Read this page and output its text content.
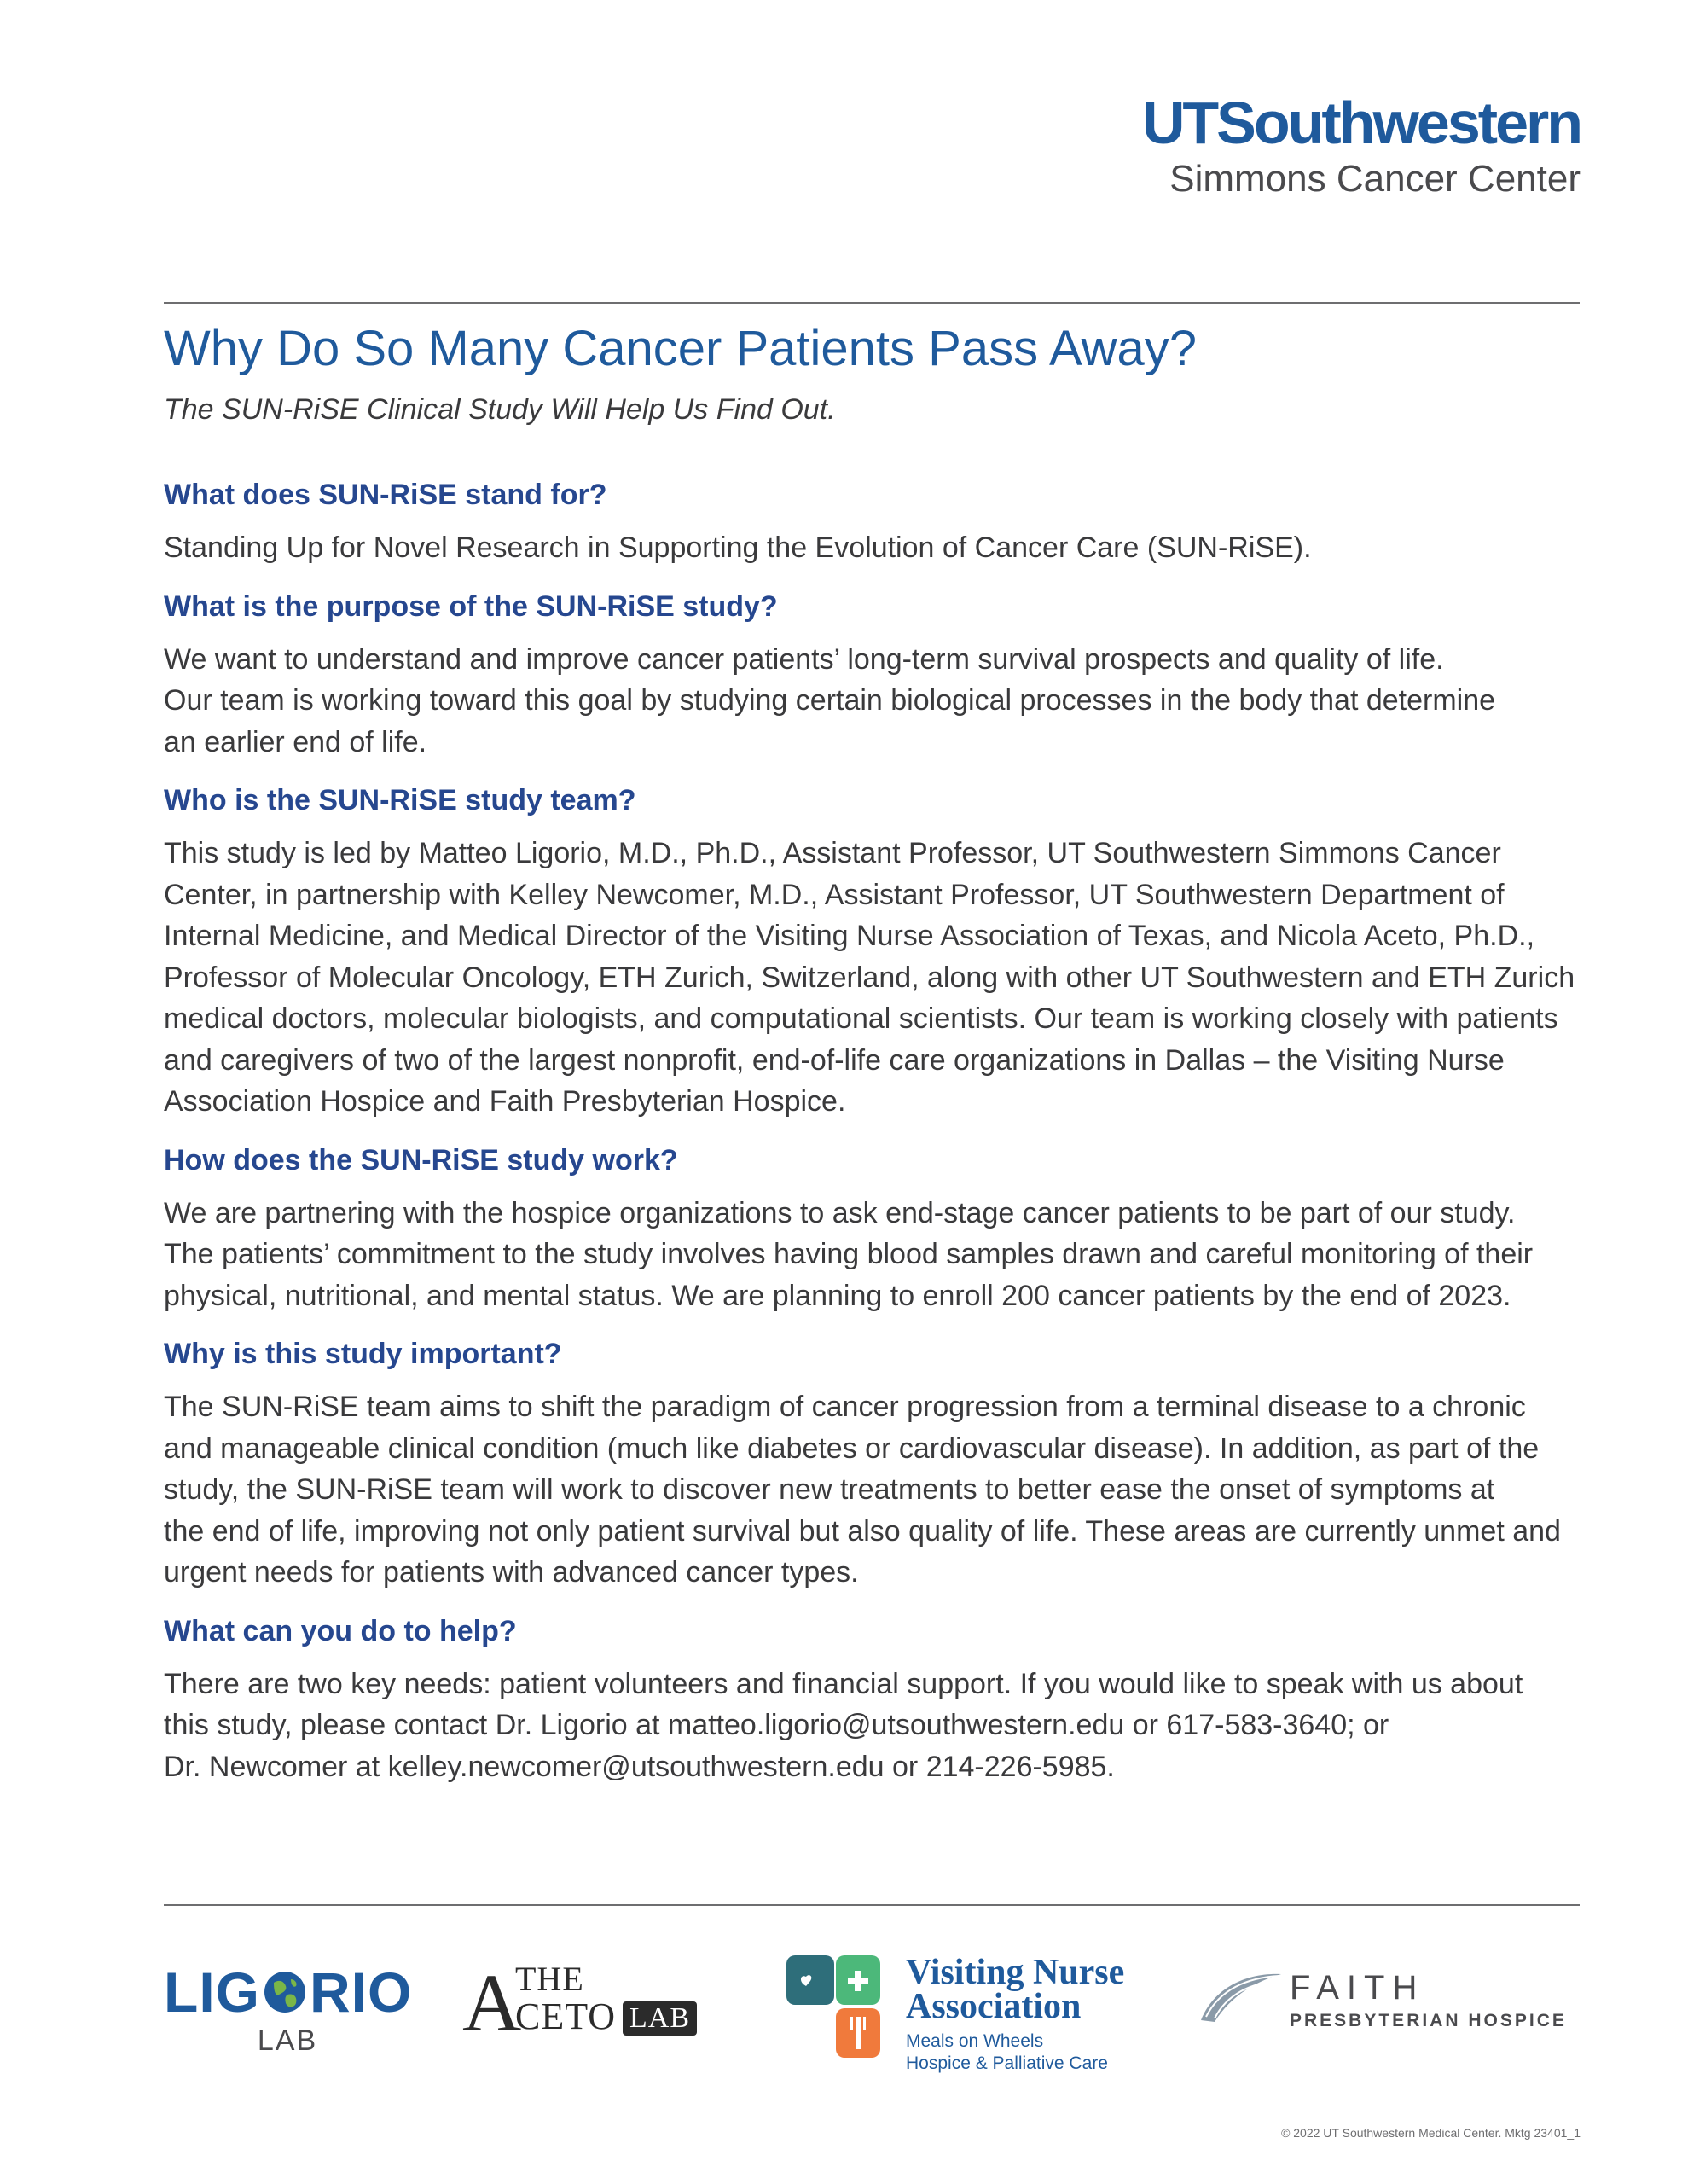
UTSouthwestern
Simmons Cancer Center
Why Do So Many Cancer Patients Pass Away?
The SUN-RiSE Clinical Study Will Help Us Find Out.
What does SUN-RiSE stand for?

Standing Up for Novel Research in Supporting the Evolution of Cancer Care (SUN-RiSE).

What is the purpose of the SUN-RiSE study?

We want to understand and improve cancer patients’ long-term survival prospects and quality of life.
Our team is working toward this goal by studying certain biological processes in the body that determine
an earlier end of life.

Who is the SUN-RiSE study team?

This study is led by Matteo Ligorio, M.D., Ph.D., Assistant Professor, UT Southwestern Simmons Cancer
Center, in partnership with Kelley Newcomer, M.D., Assistant Professor, UT Southwestern Department of
Internal Medicine, and Medical Director of the Visiting Nurse Association of Texas, and Nicola Aceto, Ph.D.,
Professor of Molecular Oncology, ETH Zurich, Switzerland, along with other UT Southwestern and ETH Zurich
medical doctors, molecular biologists, and computational scientists. Our team is working closely with patients
and caregivers of two of the largest nonprofit, end-of-life care organizations in Dallas – the Visiting Nurse
Association Hospice and Faith Presbyterian Hospice.

How does the SUN-RiSE study work?

We are partnering with the hospice organizations to ask end-stage cancer patients to be part of our study.
The patients’ commitment to the study involves having blood samples drawn and careful monitoring of their
physical, nutritional, and mental status. We are planning to enroll 200 cancer patients by the end of 2023.

Why is this study important?

The SUN-RiSE team aims to shift the paradigm of cancer progression from a terminal disease to a chronic
and manageable clinical condition (much like diabetes or cardiovascular disease). In addition, as part of the
study, the SUN-RiSE team will work to discover new treatments to better ease the onset of symptoms at
the end of life, improving not only patient survival but also quality of life. These areas are currently unmet and
urgent needs for patients with advanced cancer types.

What can you do to help?

There are two key needs: patient volunteers and financial support. If you would like to speak with us about
this study, please contact Dr. Ligorio at matteo.ligorio@utsouthwestern.edu or 617-583-3640; or
Dr. Newcomer at kelley.newcomer@utsouthwestern.edu or 214-226-5985.

LIG RIO
LAB	A
THE
CETO LAB
Visiting Nurse
Association
Meals on Wheels
Hospice & Palliative Care
FAITH
PRESBYTERIAN HOSPICE
© 2022 UT Southwestern Medical Center. Mktg 23401_1
